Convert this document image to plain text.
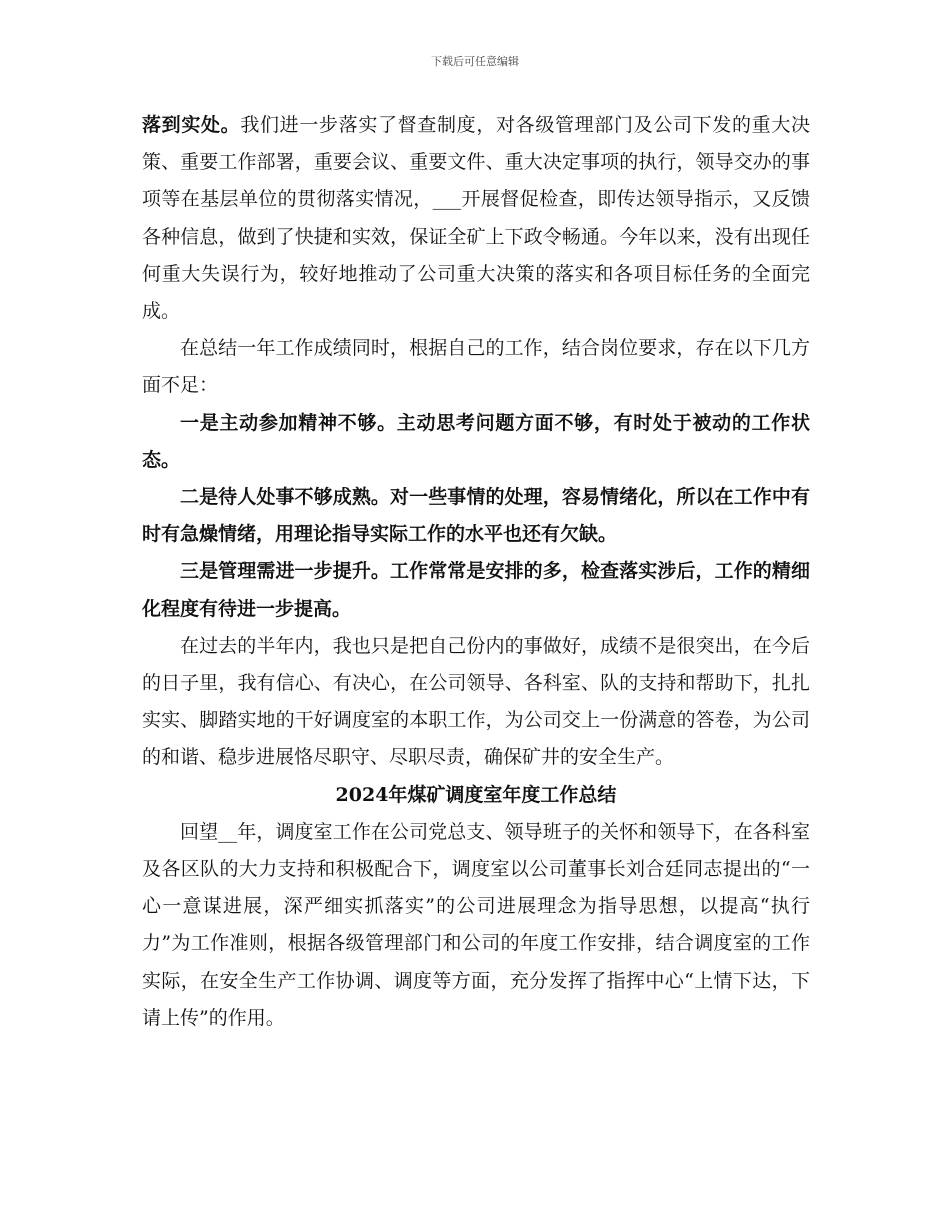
下载后可任意编辑

落到实处。我们进一步落实了督查制度，对各级管理部门及公司下发的重大决策、重要工作部署，重要会议、重要文件、重大决定事项的执行，领导交办的事项等在基层单位的贯彻落实情况，___开展督促检查，即传达领导指示，又反馈各种信息，做到了快捷和实效，保证全矿上下政令畅通。今年以来，没有出现任何重大失误行为，较好地推动了公司重大决策的落实和各项目标任务的全面完成。

在总结一年工作成绩同时，根据自己的工作，结合岗位要求，存在以下几方面不足：

一是主动参加精神不够。主动思考问题方面不够，有时处于被动的工作状态。

二是待人处事不够成熟。对一些事情的处理，容易情绪化，所以在工作中有时有急燥情绪，用理论指导实际工作的水平也还有欠缺。

三是管理需进一步提升。工作常常是安排的多，检查落实涉后，工作的精细化程度有待进一步提高。

在过去的半年内，我也只是把自己份内的事做好，成绩不是很突出，在今后的日子里，我有信心、有决心，在公司领导、各科室、队的支持和帮助下，扎扎实实、脚踏实地的干好调度室的本职工作，为公司交上一份满意的答卷，为公司的和谐、稳步进展恪尽职守、尽职尽责，确保矿井的安全生产。

2024年煤矿调度室年度工作总结

回望__年，调度室工作在公司党总支、领导班子的关怀和领导下，在各科室及各区队的大力支持和积极配合下，调度室以公司董事长刘合廷同志提出的“一心一意谋进展，深严细实抓落实”的公司进展理念为指导思想，以提高“执行力”为工作准则，根据各级管理部门和公司的年度工作安排，结合调度室的工作实际，在安全生产工作协调、调度等方面，充分发挥了指挥中心“上情下达，下请上传”的作用。
